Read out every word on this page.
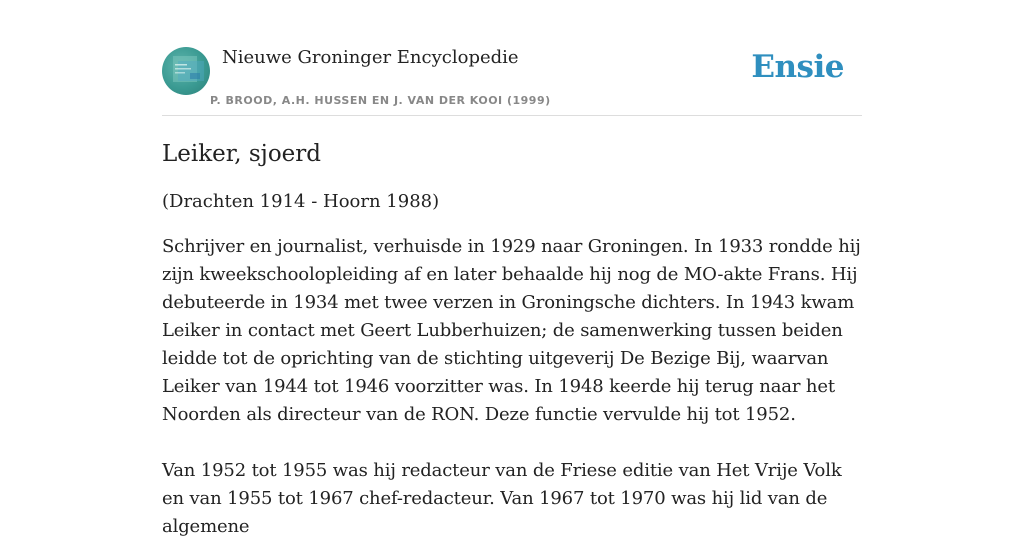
Nieuwe Groninger Encyclopedie
P. BROOD, A.H. HUSSEN EN J. VAN DER KOOI (1999)
Ensie
Leiker, sjoerd

(Drachten 1914 - Hoorn 1988)

Schrijver en journalist, verhuisde in 1929 naar Groningen. In 1933 rondde hij zijn kweekschoolopleiding af en later behaalde hij nog de MO-akte Frans. Hij debuteerde in 1934 met twee verzen in Groningsche dichters. In 1943 kwam Leiker in contact met Geert Lubberhuizen; de samenwerking tussen beiden leidde tot de oprichting van de stichting uitgeverij De Bezige Bij, waarvan Leiker van 1944 tot 1946 voorzitter was. In 1948 keerde hij terug naar het Noorden als directeur van de RON. Deze functie vervulde hij tot 1952.

Van 1952 tot 1955 was hij redacteur van de Friese editie van Het Vrije Volk en van 1955 tot 1967 chef-redacteur. Van 1967 tot 1970 was hij lid van de algemene
